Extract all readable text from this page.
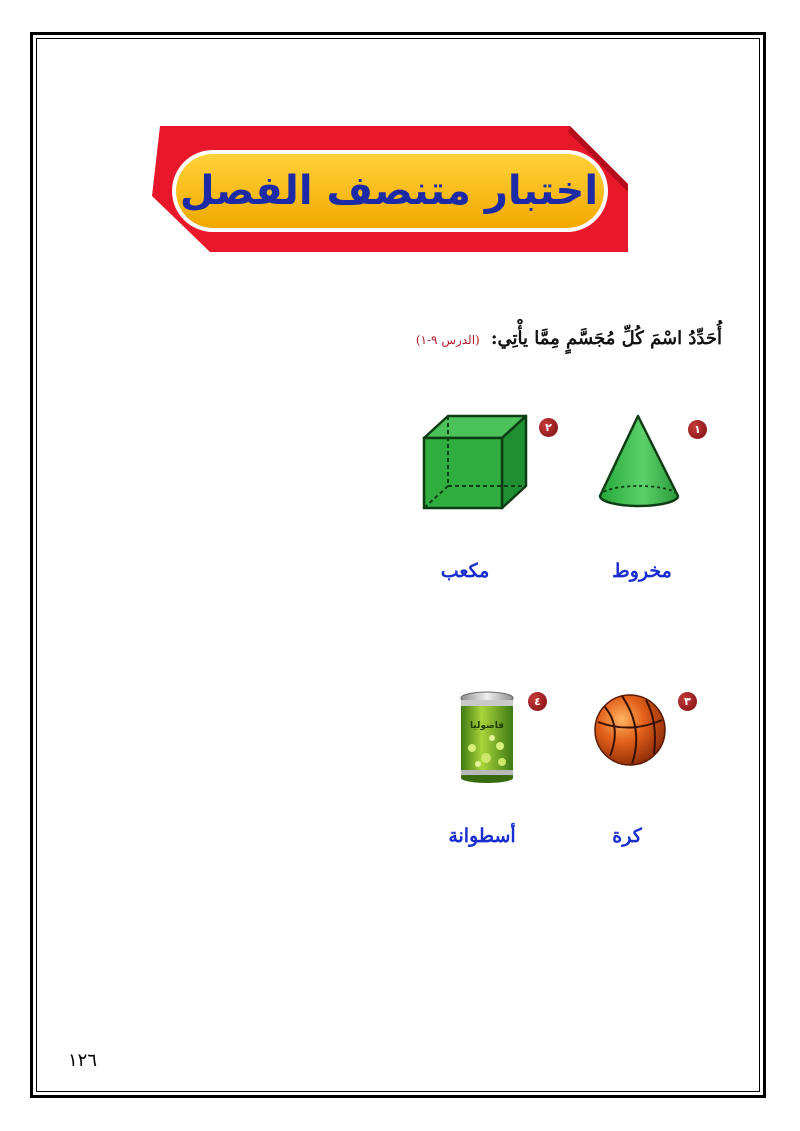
اختبار متنصف الفصل
أُحَدِّدُ اسْمَ كُلِّ مُجَسَّمٍ مِمَّا يأْتِي: (الدرس ٩-١)
١
مخروط
٢
مكعب
٣
كرة
٤
فاصوليا
أسطوانة
١٢٦
